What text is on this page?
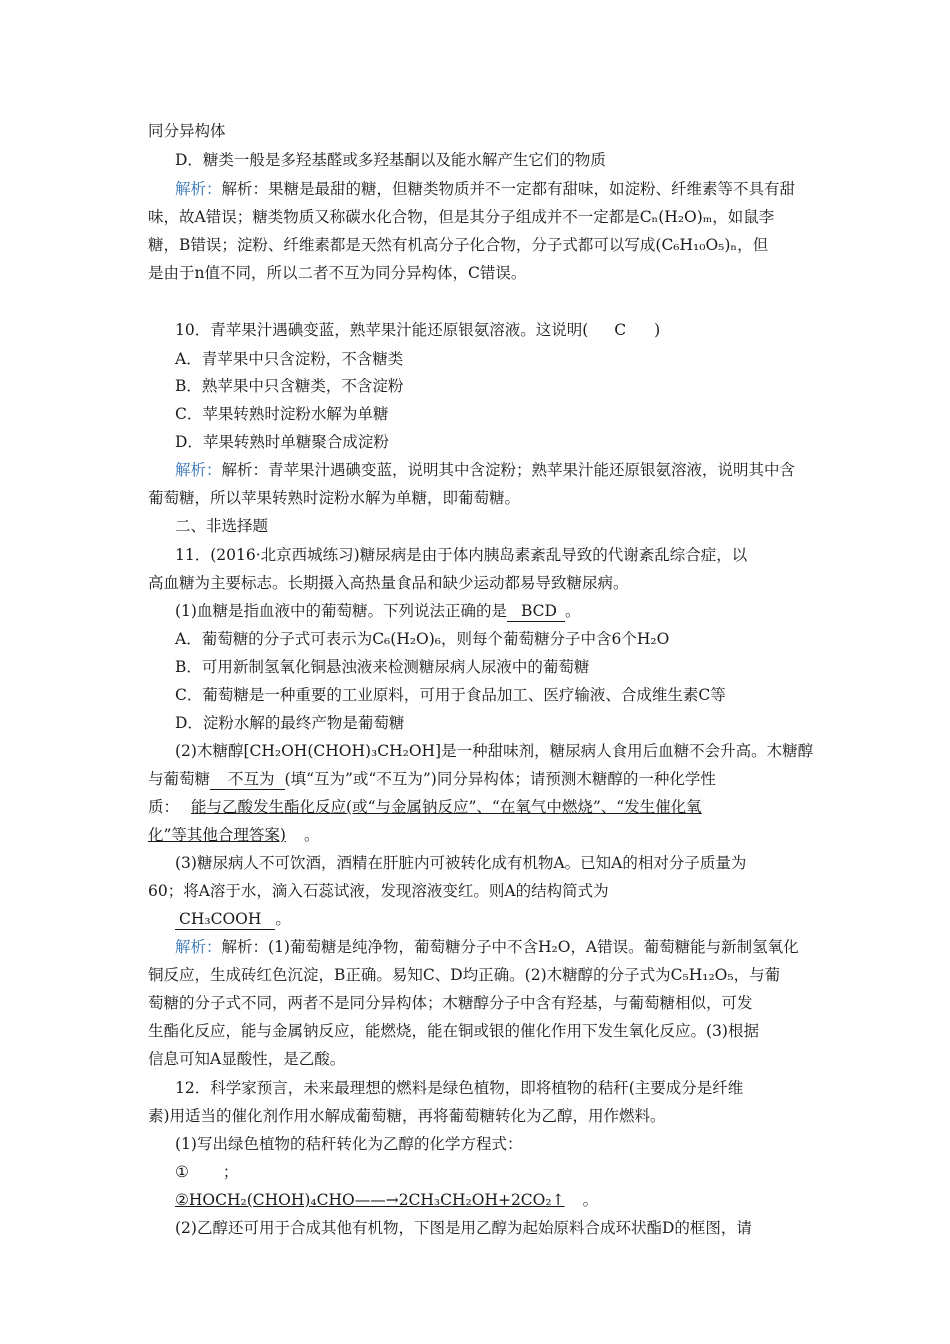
同分异构体
D．糖类一般是多羟基醛或多羟基酮以及能水解产生它们的物质
解析：解析：果糖是最甜的糖，但糖类物质并不一定都有甜味，如淀粉、纤维素等不具有甜
味，故A错误；糖类物质又称碳水化合物，但是其分子组成并不一定都是Cₙ(H₂O)ₘ，如鼠李
糖，B错误；淀粉、纤维素都是天然有机高分子化合物，分子式都可以写成(C₆H₁₀O₅)ₙ，但
是由于n值不同，所以二者不互为同分异构体，C错误。
10．青苹果汁遇碘变蓝，熟苹果汁能还原银氨溶液。这说明( C )
A．青苹果中只含淀粉，不含糖类
B．熟苹果中只含糖类，不含淀粉
C．苹果转熟时淀粉水解为单糖
D．苹果转熟时单糖聚合成淀粉
解析：解析：青苹果汁遇碘变蓝，说明其中含淀粉；熟苹果汁能还原银氨溶液，说明其中含
葡萄糖，所以苹果转熟时淀粉水解为单糖，即葡萄糖。
二、非选择题
11．(2016·北京西城练习)糖尿病是由于体内胰岛素紊乱导致的代谢紊乱综合症，以
高血糖为主要标志。长期摄入高热量食品和缺少运动都易导致糖尿病。
(1)血糖是指血液中的葡萄糖。下列说法正确的是 BCD 。
A．葡萄糖的分子式可表示为C₆(H₂O)₆，则每个葡萄糖分子中含6个H₂O
B．可用新制氢氧化铜悬浊液来检测糖尿病人尿液中的葡萄糖
C．葡萄糖是一种重要的工业原料，可用于食品加工、医疗输液、合成维生素C等
D．淀粉水解的最终产物是葡萄糖
(2)木糖醇[CH₂OH(CHOH)₃CH₂OH]是一种甜味剂，糖尿病人食用后血糖不会升高。木糖醇
与葡萄糖 不互为 (填“互为”或“不互为”)同分异构体；请预测木糖醇的一种化学性
质： 能与乙酸发生酯化反应(或“与金属钠反应”、“在氧气中燃烧”、“发生催化氧
化”等其他合理答案) 。
(3)糖尿病人不可饮酒，酒精在肝脏内可被转化成有机物A。已知A的相对分子质量为
60；将A溶于水，滴入石蕊试液，发现溶液变红。则A的结构简式为
CH₃COOH 。
解析：解析：(1)葡萄糖是纯净物，葡萄糖分子中不含H₂O，A错误。葡萄糖能与新制氢氧化
铜反应，生成砖红色沉淀，B正确。易知C、D均正确。(2)木糖醇的分子式为C₅H₁₂O₅，与葡
萄糖的分子式不同，两者不是同分异构体；木糖醇分子中含有羟基，与葡萄糖相似，可发
生酯化反应，能与金属钠反应，能燃烧，能在铜或银的催化作用下发生氧化反应。(3)根据
信息可知A显酸性，是乙酸。
12．科学家预言，未来最理想的燃料是绿色植物，即将植物的秸秆(主要成分是纤维
素)用适当的催化剂作用水解成葡萄糖，再将葡萄糖转化为乙醇，用作燃料。
(1)写出绿色植物的秸秆转化为乙醇的化学方程式：
① ；
②HOCH₂(CHOH)₄CHO——→2CH₃CH₂OH+2CO₂↑ 。
(2)乙醇还可用于合成其他有机物，下图是用乙醇为起始原料合成环状酯D的框图，请
